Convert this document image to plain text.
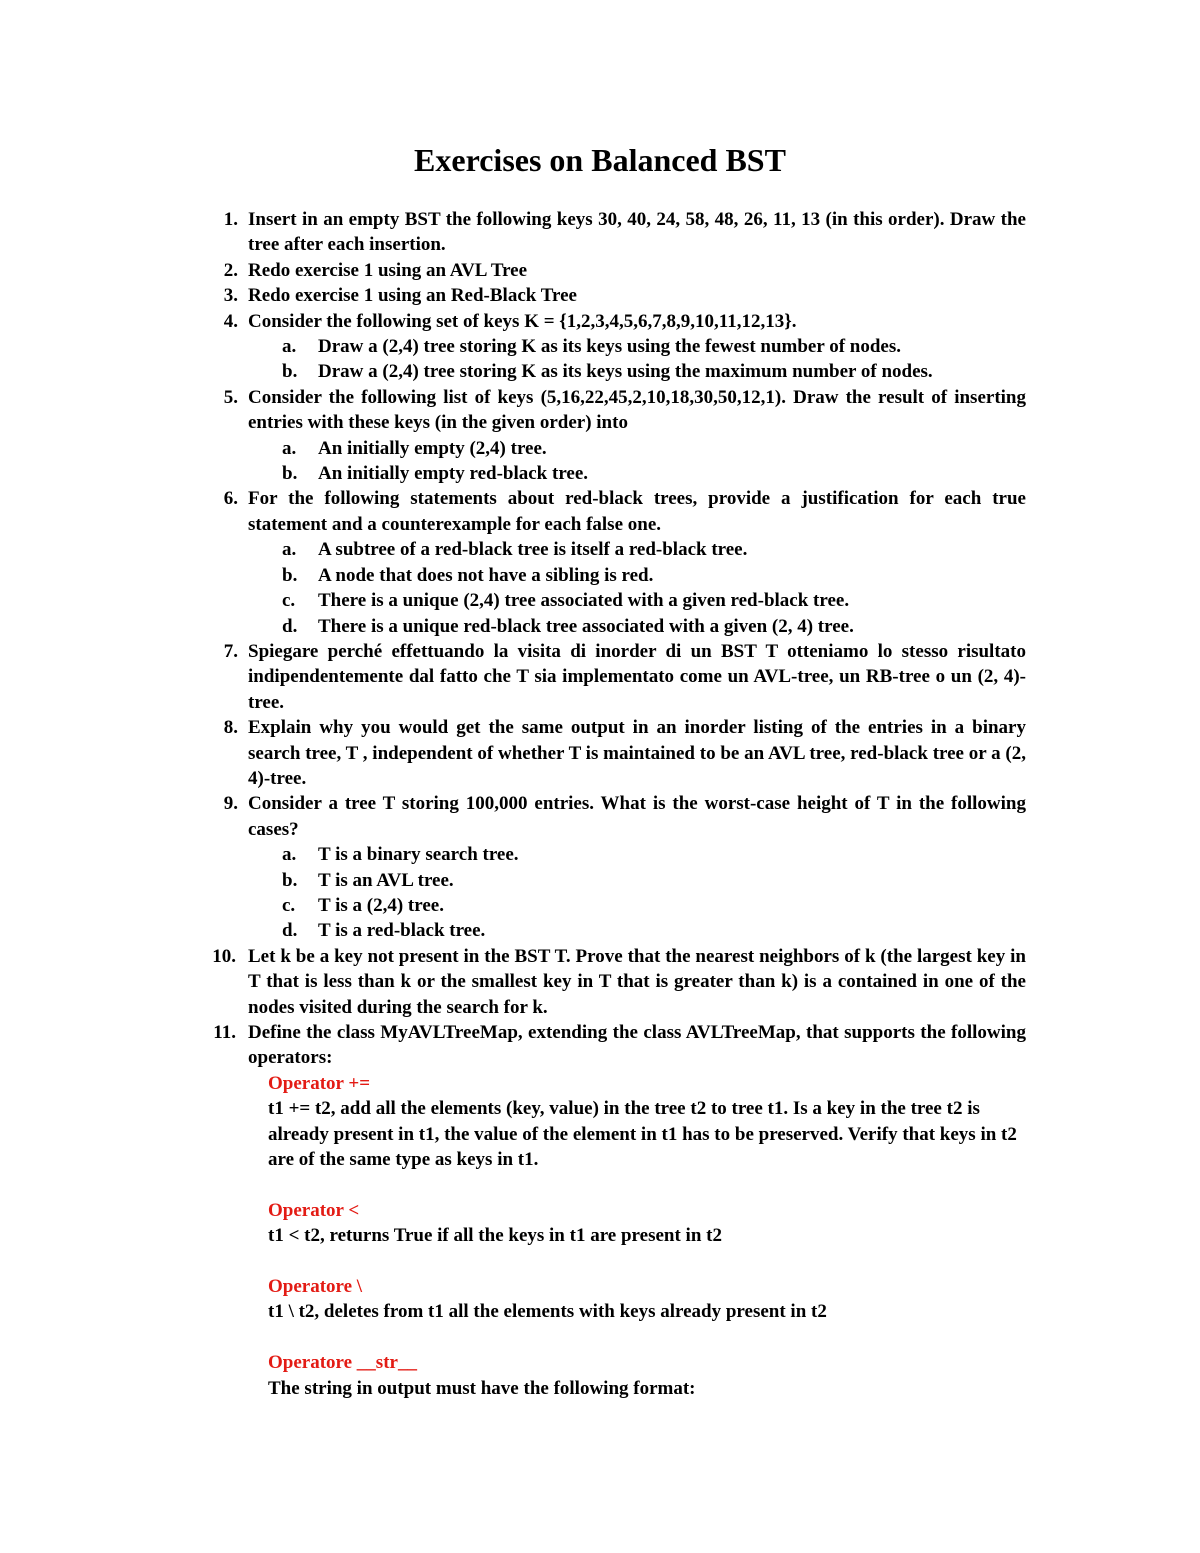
Exercises on Balanced BST
1. Insert in an empty BST the following keys 30, 40, 24, 58, 48, 26, 11, 13 (in this order). Draw the tree after each insertion.
2. Redo exercise 1 using an AVL Tree
3. Redo exercise 1 using an Red-Black Tree
4. Consider the following set of keys K = {1,2,3,4,5,6,7,8,9,10,11,12,13}.
a. Draw a (2,4) tree storing K as its keys using the fewest number of nodes.
b. Draw a (2,4) tree storing K as its keys using the maximum number of nodes.
5. Consider the following list of keys (5,16,22,45,2,10,18,30,50,12,1). Draw the result of inserting entries with these keys (in the given order) into
a. An initially empty (2,4) tree.
b. An initially empty red-black tree.
6. For the following statements about red-black trees, provide a justification for each true statement and a counterexample for each false one.
a. A subtree of a red-black tree is itself a red-black tree.
b. A node that does not have a sibling is red.
c. There is a unique (2,4) tree associated with a given red-black tree.
d. There is a unique red-black tree associated with a given (2, 4) tree.
7. Spiegare perché effettuando la visita di inorder di un BST T otteniamo lo stesso risultato indipendentemente dal fatto che T sia implementato come un AVL-tree, un RB-tree o un (2, 4)-tree.
8. Explain why you would get the same output in an inorder listing of the entries in a binary search tree, T , independent of whether T is maintained to be an AVL tree, red-black tree or a (2, 4)-tree.
9. Consider a tree T storing 100,000 entries. What is the worst-case height of T in the following cases?
a. T is a binary search tree.
b. T is an AVL tree.
c. T is a (2,4) tree.
d. T is a red-black tree.
10. Let k be a key not present in the BST T. Prove that the nearest neighbors of k (the largest key in T that is less than k or the smallest key in T that is greater than k) is a contained in one of the nodes visited during the search for k.
11. Define the class MyAVLTreeMap, extending the class AVLTreeMap, that supports the following operators:
Operator +=
t1 += t2, add all the elements (key, value) in the tree t2 to tree t1. Is a key in the tree t2 is already present in t1, the value of the element in t1 has to be preserved. Verify that keys in t2 are of the same type as keys in t1.
Operator <
t1 < t2, returns True if all the keys in t1 are present in t2
Operatore \
t1 \ t2, deletes from t1 all the elements with keys already present in t2
Operatore __str__
The string in output must have the following format:
